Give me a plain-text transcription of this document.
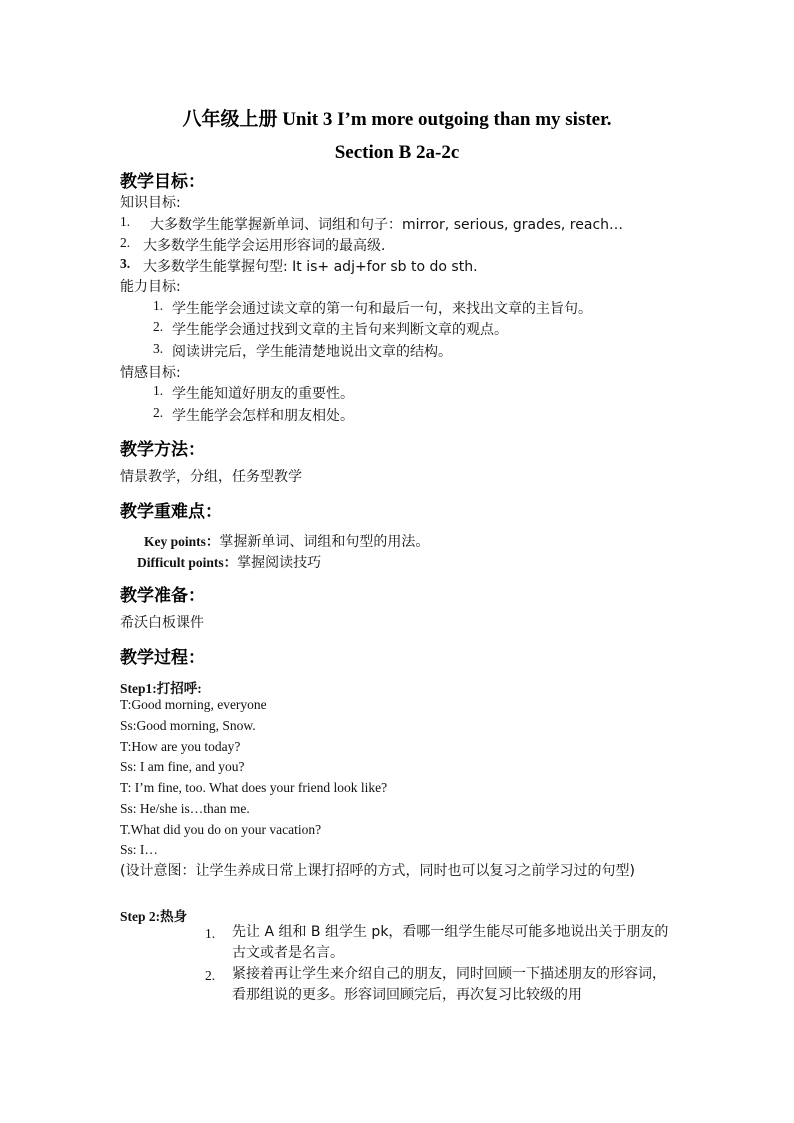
八年级上册 Unit 3 I’m more outgoing than my sister.
Section B 2a-2c
教学目标：
知识目标:
1. 大多数学生能掌握新单词、词组和句子：mirror, serious, grades, reach…
2. 大多数学生能学会运用形容词的最高级.
3. 大多数学生能掌握句型: It is+ adj+for sb to do sth.
能力目标:
1. 学生能学会通过读文章的第一句和最后一句，来找出文章的主旨句。
2. 学生能学会通过找到文章的主旨句来判断文章的观点。
3. 阅读讲完后，学生能清楚地说出文章的结构。
情感目标:
1. 学生能知道好朋友的重要性。
2. 学生能学会怎样和朋友相处。
教学方法：
情景教学，分组，任务型教学
教学重难点：
Key points：掌握新单词、词组和句型的用法。
Difficult points：掌握阅读技巧
教学准备：
希沃白板课件
教学过程：
Step1:打招呼:
T:Good morning, everyone
Ss:Good morning, Snow.
T:How are you today?
Ss: I am fine, and you?
T: I’m fine, too. What does your friend look like?
Ss: He/she is…than me.
T.What did you do on your vacation?
Ss: I…
(设计意图：让学生养成日常上课打招呼的方式，同时也可以复习之前学习过的句型)
Step 2:热身
1. 先让 A 组和 B 组学生 pk，看哪一组学生能尽可能多地说出关于朋友的古文或者是名言。
2. 紧接着再让学生来介绍自己的朋友，同时回顾一下描述朋友的形容词，看那组说的更多。形容词回顾完后，再次复习比较级的用
